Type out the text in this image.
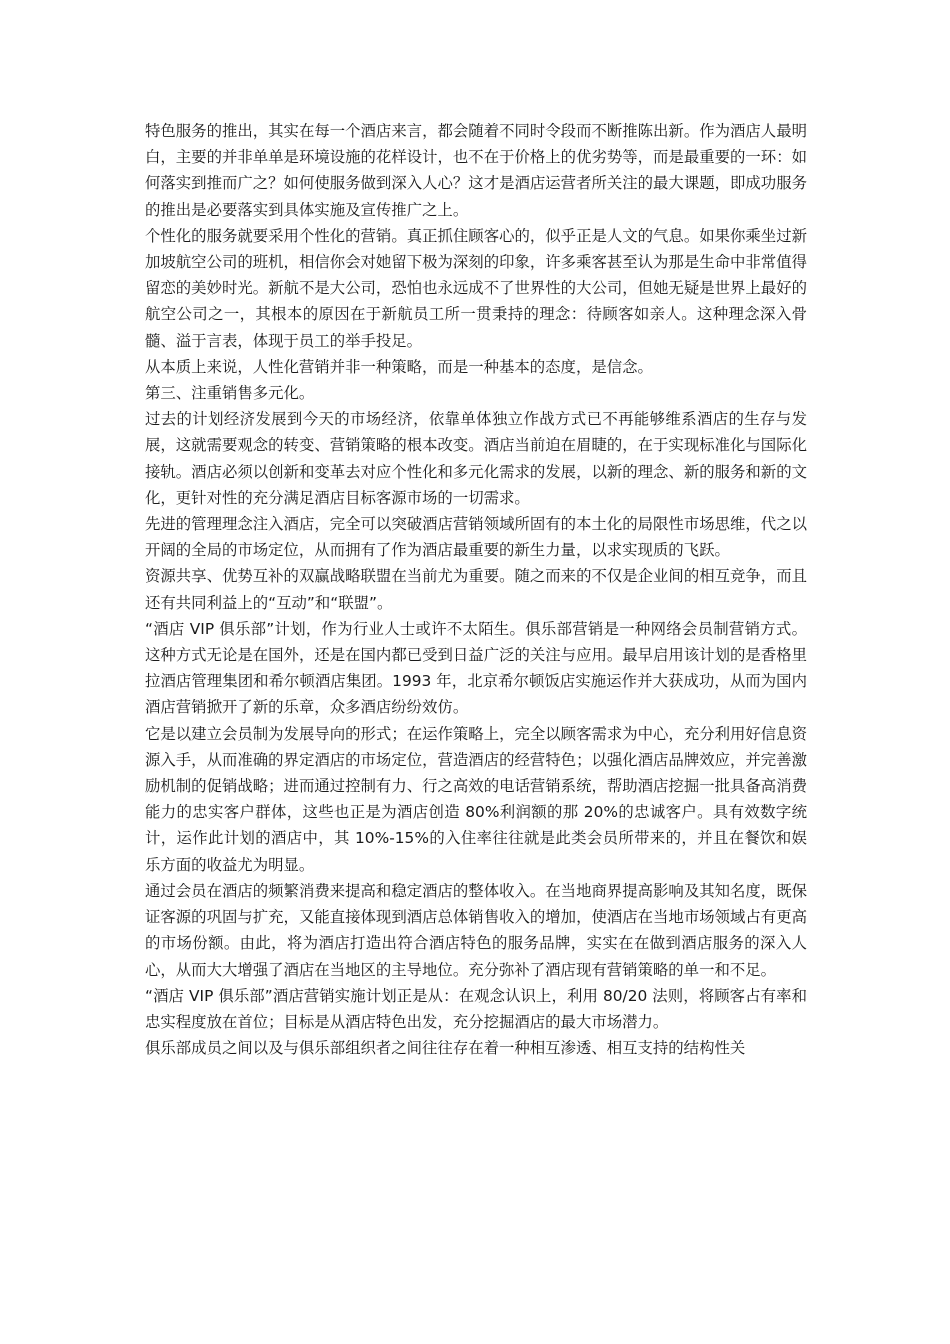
特色服务的推出，其实在每一个酒店来言，都会随着不同时令段而不断推陈出新。作为酒店人最明白，主要的并非单单是环境设施的花样设计，也不在于价格上的优劣势等，而是最重要的一环：如何落实到推而广之？如何使服务做到深入人心？这才是酒店运营者所关注的最大课题，即成功服务的推出是必要落实到具体实施及宣传推广之上。

个性化的服务就要采用个性化的营销。真正抓住顾客心的，似乎正是人文的气息。如果你乘坐过新加坡航空公司的班机，相信你会对她留下极为深刻的印象，许多乘客甚至认为那是生命中非常值得留恋的美妙时光。新航不是大公司，恐怕也永远成不了世界性的大公司，但她无疑是世界上最好的航空公司之一，其根本的原因在于新航员工所一贯秉持的理念：待顾客如亲人。这种理念深入骨髓、溢于言表，体现于员工的举手投足。

从本质上来说，人性化营销并非一种策略，而是一种基本的态度，是信念。

第三、注重销售多元化。

过去的计划经济发展到今天的市场经济，依靠单体独立作战方式已不再能够维系酒店的生存与发展，这就需要观念的转变、营销策略的根本改变。酒店当前迫在眉睫的，在于实现标准化与国际化接轨。酒店必须以创新和变革去对应个性化和多元化需求的发展，以新的理念、新的服务和新的文化，更针对性的充分满足酒店目标客源市场的一切需求。

先进的管理理念注入酒店，完全可以突破酒店营销领域所固有的本土化的局限性市场思维，代之以开阔的全局的市场定位，从而拥有了作为酒店最重要的新生力量，以求实现质的飞跃。

资源共享、优势互补的双赢战略联盟在当前尤为重要。随之而来的不仅是企业间的相互竞争，而且还有共同利益上的“互动”和“联盟”。

“酒店 VIP 俱乐部”计划，作为行业人士或许不太陌生。俱乐部营销是一种网络会员制营销方式。这种方式无论是在国外，还是在国内都已受到日益广泛的关注与应用。最早启用该计划的是香格里拉酒店管理集团和希尔顿酒店集团。1993 年，北京希尔顿饭店实施运作并大获成功，从而为国内酒店营销掀开了新的乐章，众多酒店纷纷效仿。

它是以建立会员制为发展导向的形式；在运作策略上，完全以顾客需求为中心，充分利用好信息资源入手，从而准确的界定酒店的市场定位，营造酒店的经营特色；以强化酒店品牌效应，并完善激励机制的促销战略；进而通过控制有力、行之高效的电话营销系统，帮助酒店挖掘一批具备高消费能力的忠实客户群体，这些也正是为酒店创造 80%利润额的那 20%的忠诚客户。具有效数字统计，运作此计划的酒店中，其 10%-15%的入住率往往就是此类会员所带来的，并且在餐饮和娱乐方面的收益尤为明显。

通过会员在酒店的频繁消费来提高和稳定酒店的整体收入。在当地商界提高影响及其知名度，既保证客源的巩固与扩充，又能直接体现到酒店总体销售收入的增加，使酒店在当地市场领域占有更高的市场份额。由此，将为酒店打造出符合酒店特色的服务品牌，实实在在做到酒店服务的深入人心，从而大大增强了酒店在当地区的主导地位。充分弥补了酒店现有营销策略的单一和不足。

“酒店 VIP 俱乐部”酒店营销实施计划正是从：在观念认识上，利用 80/20 法则，将顾客占有率和忠实程度放在首位；目标是从酒店特色出发，充分挖掘酒店的最大市场潜力。

俱乐部成员之间以及与俱乐部组织者之间往往存在着一种相互渗透、相互支持的结构性关
